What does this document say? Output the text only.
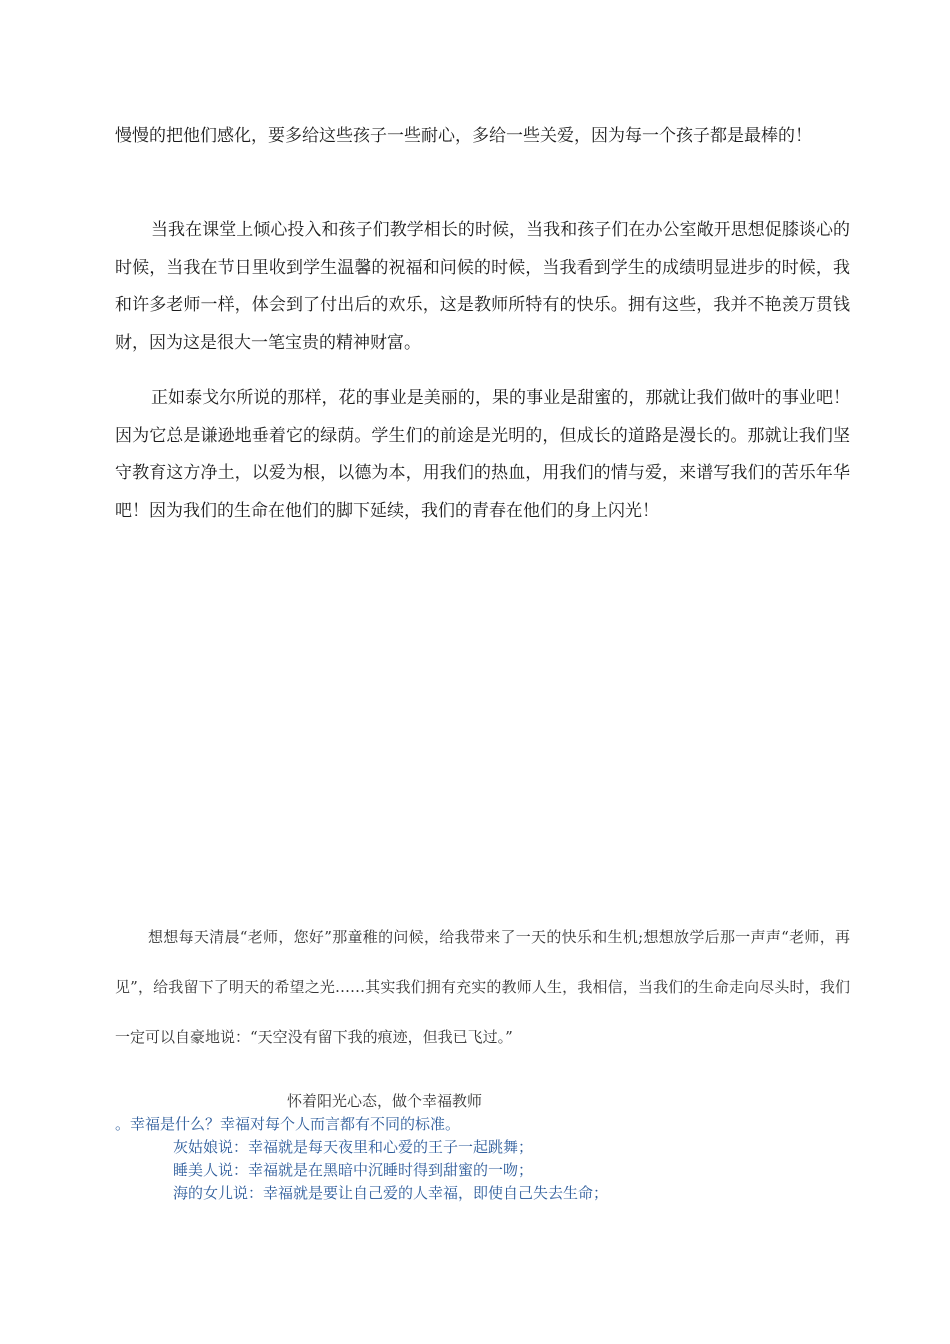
慢慢的把他们感化，要多给这些孩子一些耐心，多给一些关爱，因为每一个孩子都是最棒的！

当我在课堂上倾心投入和孩子们教学相长的时候，当我和孩子们在办公室敞开思想促膝谈心的时候，当我在节日里收到学生温馨的祝福和问候的时候，当我看到学生的成绩明显进步的时候，我和许多老师一样，体会到了付出后的欢乐，这是教师所特有的快乐。拥有这些，我并不艳羡万贯钱财，因为这是很大一笔宝贵的精神财富。

正如泰戈尔所说的那样，花的事业是美丽的，果的事业是甜蜜的，那就让我们做叶的事业吧！因为它总是谦逊地垂着它的绿荫。学生们的前途是光明的，但成长的道路是漫长的。那就让我们坚守教育这方净土，以爱为根，以德为本，用我们的热血，用我们的情与爱，来谱写我们的苦乐年华吧！因为我们的生命在他们的脚下延续，我们的青春在他们的身上闪光！

想想每天清晨“老师，您好”那童稚的问候，给我带来了一天的快乐和生机;想想放学后那一声声“老师，再见”，给我留下了明天的希望之光……其实我们拥有充实的教师人生，我相信，当我们的生命走向尽头时，我们一定可以自豪地说：“天空没有留下我的痕迹，但我已飞过。”

怀着阳光心态，做个幸福教师
。幸福是什么？幸福对每个人而言都有不同的标准。
灰姑娘说：幸福就是每天夜里和心爱的王子一起跳舞；
睡美人说：幸福就是在黑暗中沉睡时得到甜蜜的一吻；
海的女儿说：幸福就是要让自己爱的人幸福，即使自己失去生命；
